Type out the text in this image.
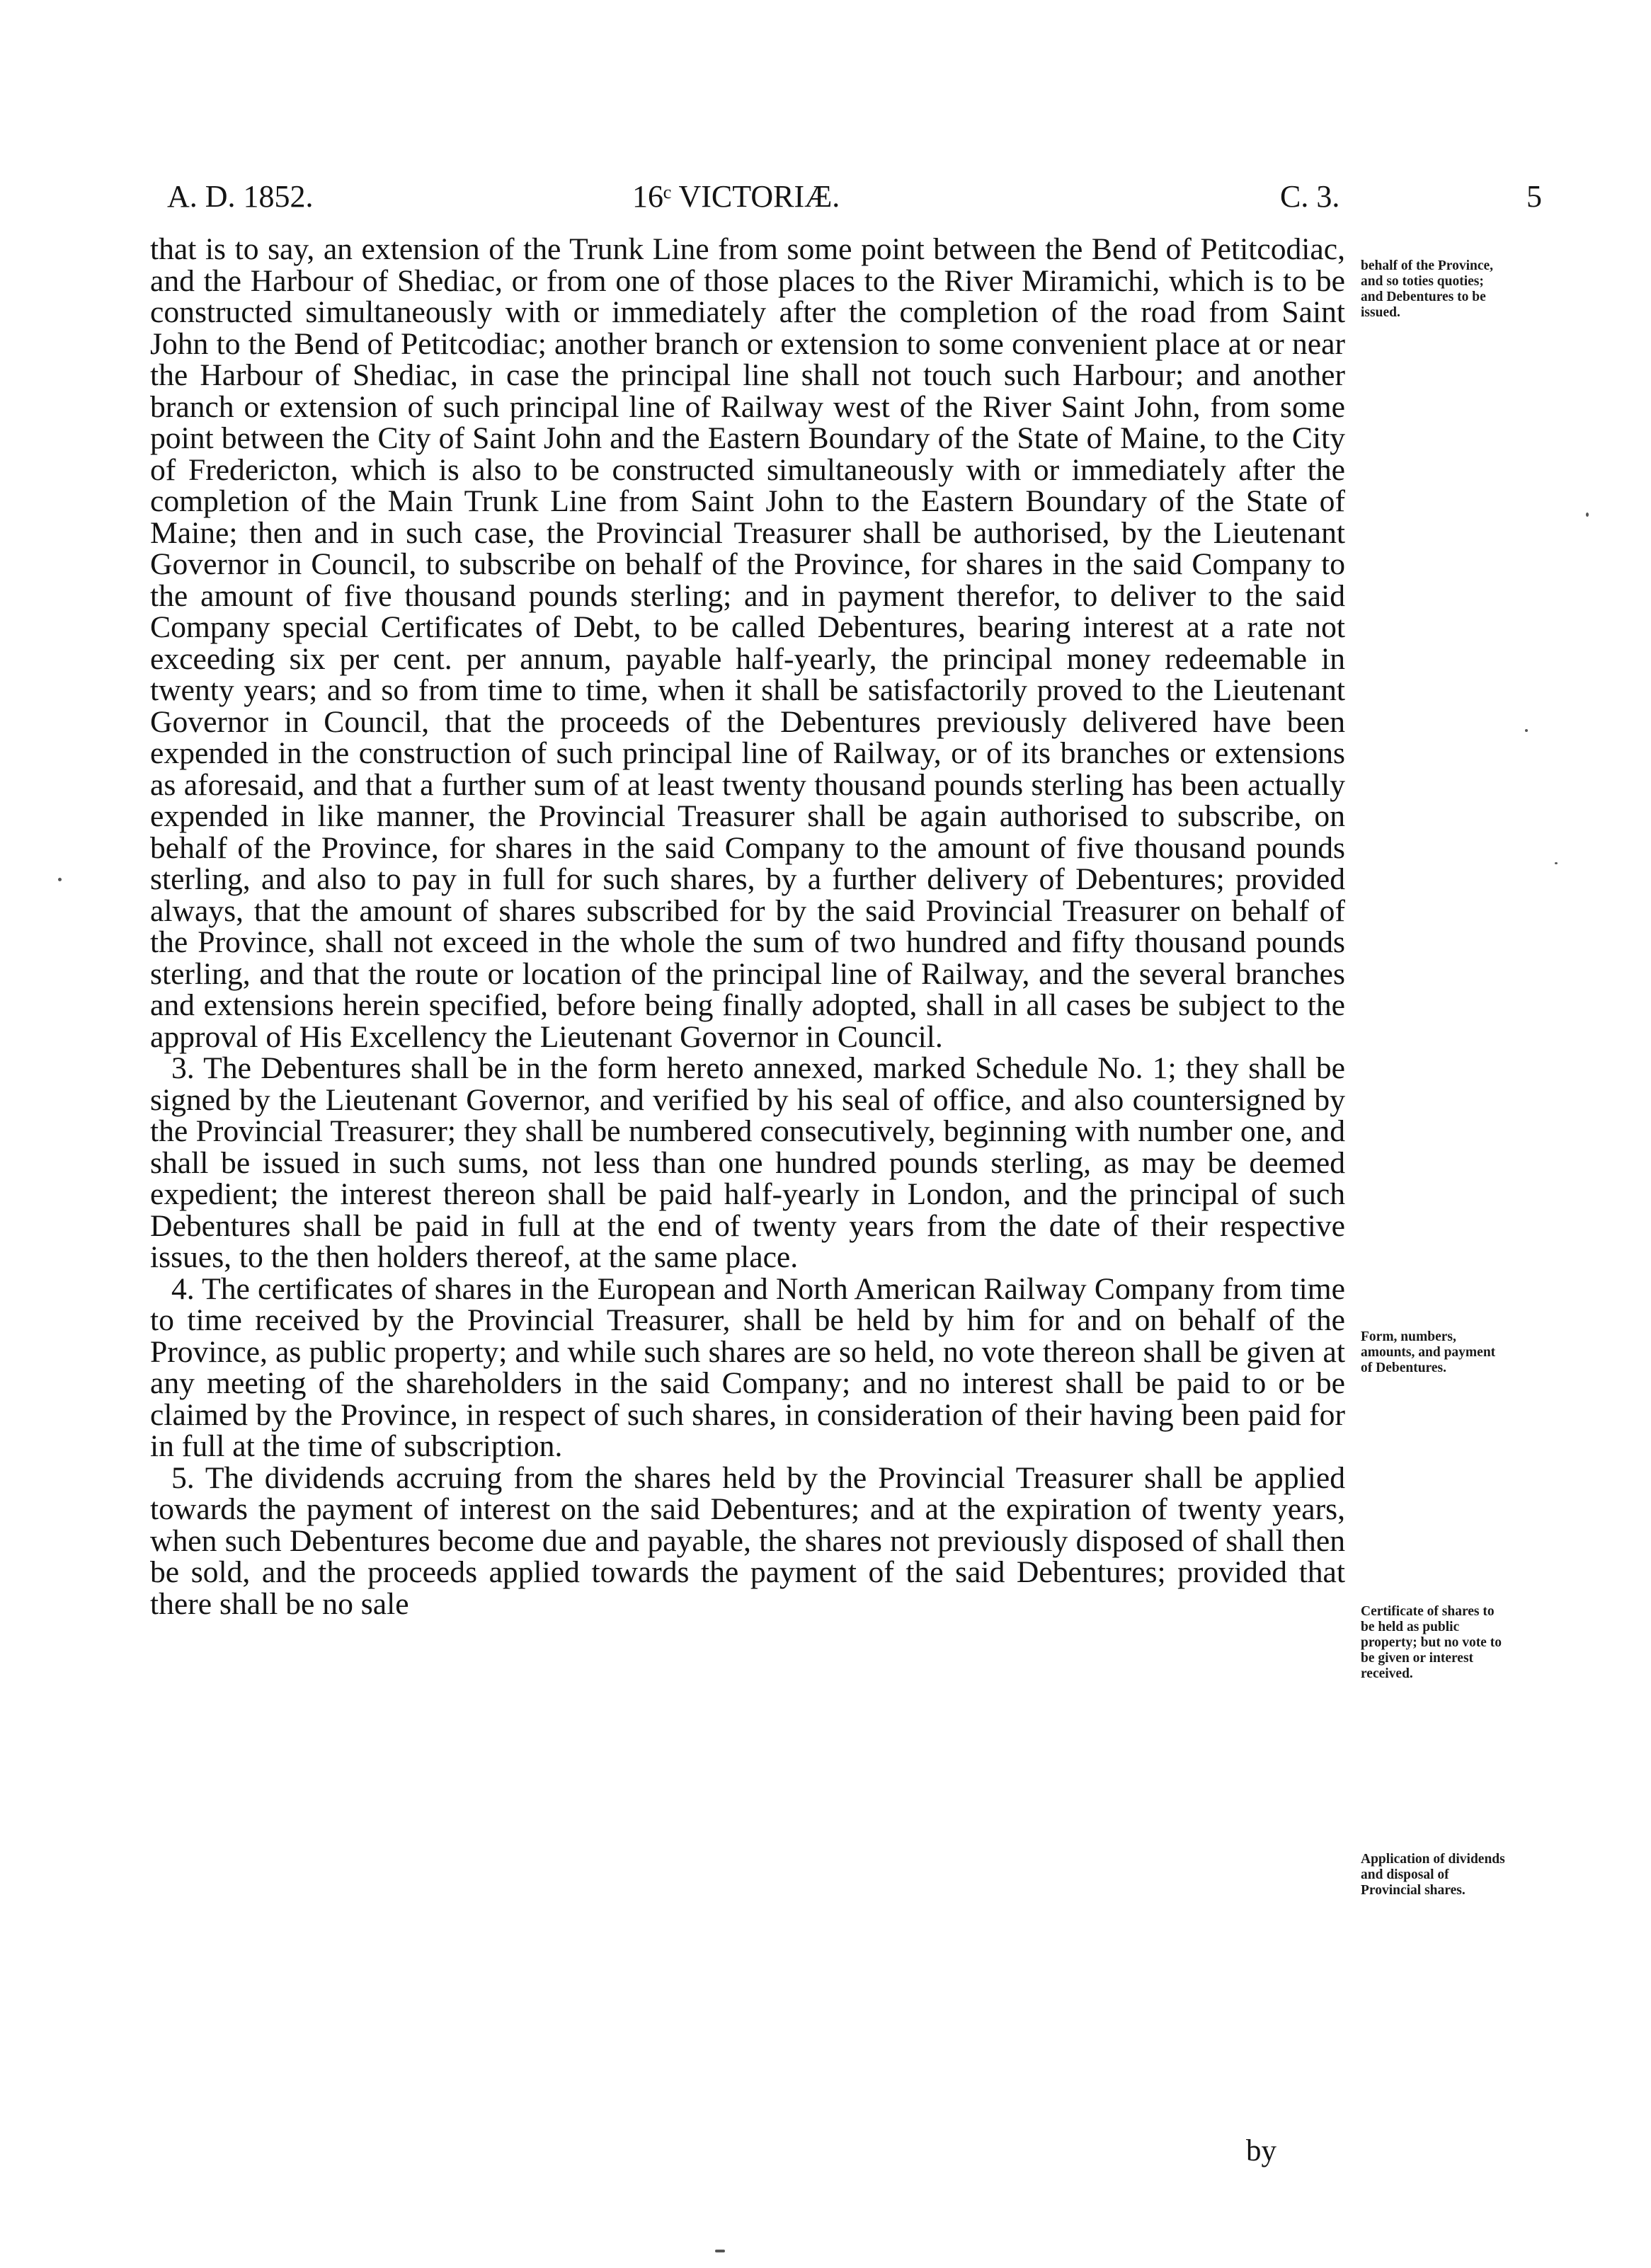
A. D. 1852.	16ᶜ VICTORIÆ.	C. 3.	5

that is to say, an extension of the Trunk Line from some point between the Bend of Petitcodiac, and the Harbour of Shediac, or from one of those places to the River Miramichi, which is to be constructed simultaneously with or immediately after the completion of the road from Saint John to the Bend of Petitcodiac; another branch or extension to some convenient place at or near the Harbour of Shediac, in case the principal line shall not touch such Harbour; and another branch or extension of such principal line of Railway west of the River Saint John, from some point between the City of Saint John and the Eastern Boundary of the State of Maine, to the City of Fredericton, which is also to be constructed simultaneously with or immediately after the completion of the Main Trunk Line from Saint John to the Eastern Boundary of the State of Maine; then and in such case, the Provincial Treasurer shall be authorised, by the Lieutenant Governor in Council, to subscribe on behalf of the Province, for shares in the said Company to the amount of five thousand pounds sterling; and in payment therefor, to deliver to the said Company special Certificates of Debt, to be called Debentures, bearing interest at a rate not exceeding six per cent. per annum, payable half-yearly, the principal money redeemable in twenty years; and so from time to time, when it shall be satisfactorily proved to the Lieutenant Governor in Council, that the proceeds of the Debentures previously delivered have been expended in the construction of such principal line of Railway, or of its branches or extensions as aforesaid, and that a further sum of at least twenty thousand pounds sterling has been actually expended in like manner, the Provincial Treasurer shall be again authorised to subscribe, on behalf of the Province, for shares in the said Company to the amount of five thousand pounds sterling, and also to pay in full for such shares, by a further delivery of Debentures; provided always, that the amount of shares subscribed for by the said Provincial Treasurer on behalf of the Province, shall not exceed in the whole the sum of two hundred and fifty thousand pounds sterling, and that the route or location of the principal line of Railway, and the several branches and extensions herein specified, before being finally adopted, shall in all cases be subject to the approval of His Excellency the Lieutenant Governor in Council.

3. The Debentures shall be in the form hereto annexed, marked Schedule No. 1; they shall be signed by the Lieutenant Governor, and verified by his seal of office, and also countersigned by the Provincial Treasurer; they shall be numbered consecutively, beginning with number one, and shall be issued in such sums, not less than one hundred pounds sterling, as may be deemed expedient; the interest thereon shall be paid half-yearly in London, and the principal of such Debentures shall be paid in full at the end of twenty years from the date of their respective issues, to the then holders thereof, at the same place.

4. The certificates of shares in the European and North American Railway Company from time to time received by the Provincial Treasurer, shall be held by him for and on behalf of the Province, as public property; and while such shares are so held, no vote thereon shall be given at any meeting of the shareholders in the said Company; and no interest shall be paid to or be claimed by the Province, in respect of such shares, in consideration of their having been paid for in full at the time of subscription.

5. The dividends accruing from the shares held by the Provincial Treasurer shall be applied towards the payment of interest on the said Debentures; and at the expiration of twenty years, when such Debentures become due and payable, the shares not previously disposed of shall then be sold, and the proceeds applied towards the payment of the said Debentures; provided that there shall be no sale

by
behalf of the Province, and so toties quoties; and Debentures to be issued.
Form, numbers, amounts, and payment of Debentures.
Certificate of shares to be held as public property; but no vote to be given or interest received.
Application of dividends and disposal of Provincial shares.
